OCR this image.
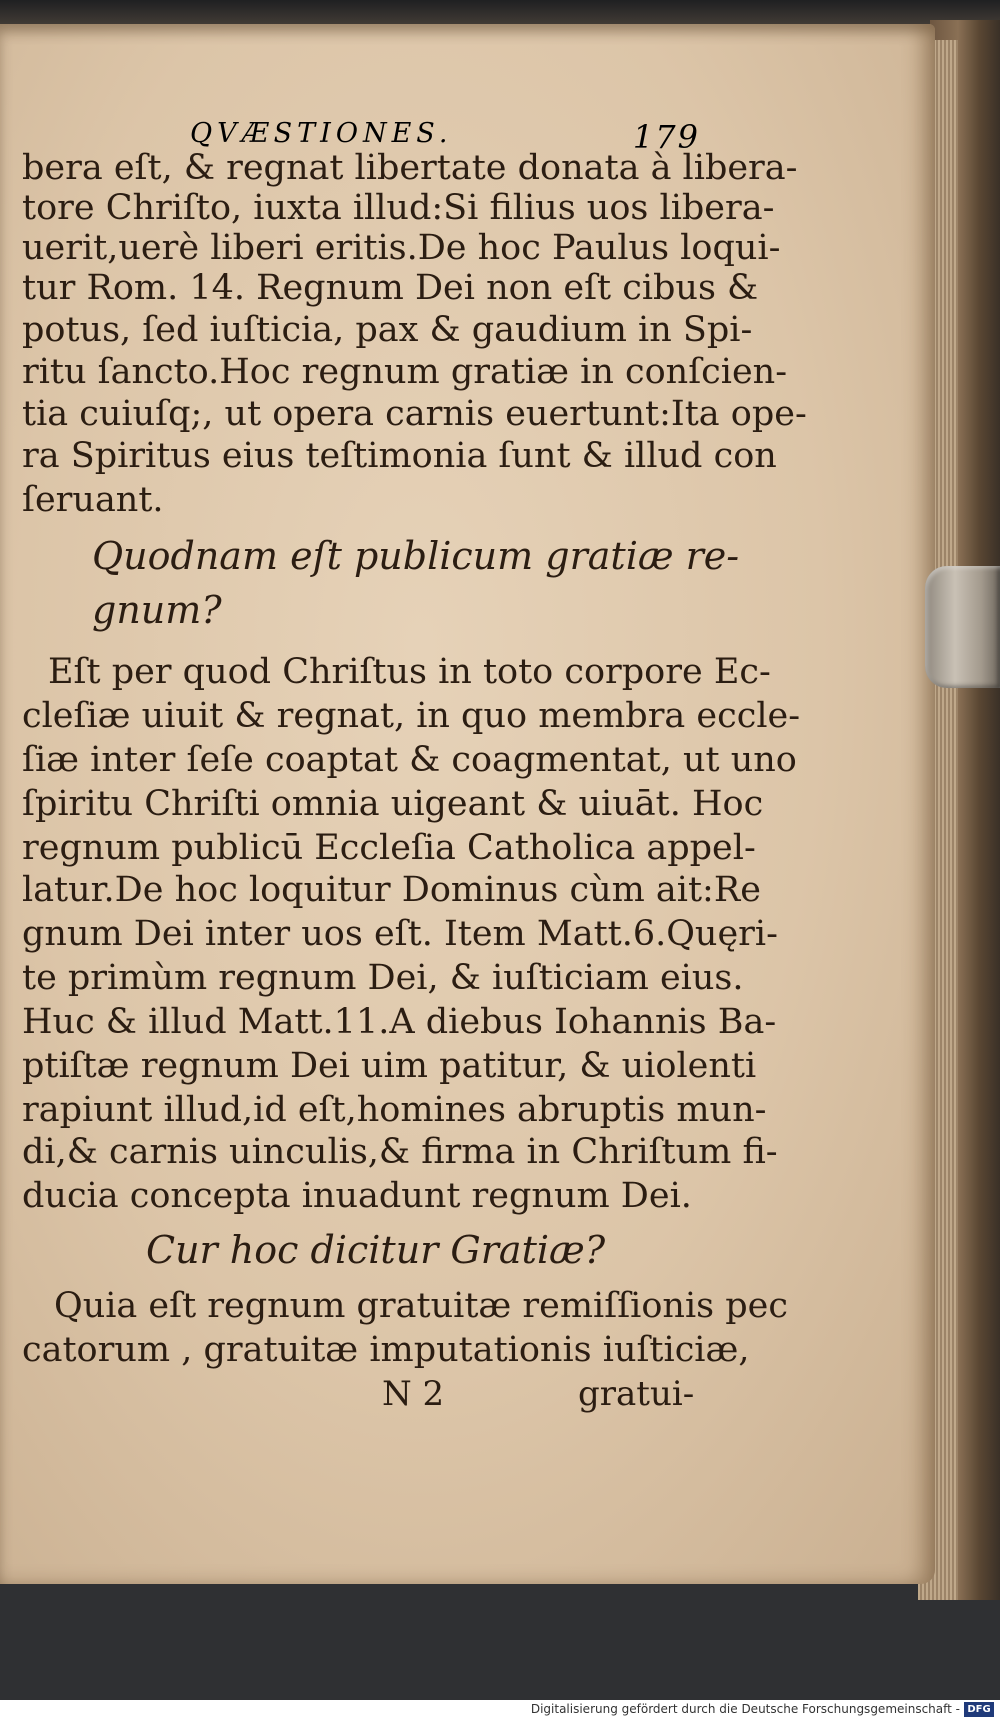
QVÆSTIONES.	179
bera eſt, & regnat libertate donata à libera-
tore Chriſto, iuxta illud:Si filius uos libera-
uerit,uerè liberi eritis.De hoc Paulus loqui-
tur Rom. 14. Regnum Dei non eſt cibus &
potus, ſed iuſticia, pax & gaudium in Spi-
ritu ſancto.Hoc regnum gratiæ in conſcien-
tia cuiuſq;, ut opera carnis euertunt:Ita ope-
ra Spiritus eius teſtimonia ſunt & illud con
ſeruant.
Quodnam eſt publicum gratiæ re-
gnum?
Eſt per quod Chriſtus in toto corpore Ec-
cleſiæ uiuit & regnat, in quo membra eccle-
ſiæ inter ſeſe coaptat & coagmentat, ut uno
ſpiritu Chriſti omnia uigeant & uiuāt. Hoc
regnum publicū Eccleſia Catholica appel-
latur.De hoc loquitur Dominus cùm ait:Re
gnum Dei inter uos eſt. Item Matt.6.Quęri-
te primùm regnum Dei, & iuſticiam eius.
Huc & illud Matt.11.A diebus Iohannis Ba-
ptiſtæ regnum Dei uim patitur, & uiolenti
rapiunt illud,id eſt,homines abruptis mun-
di,& carnis uinculis,& firma in Chriſtum fi-
ducia concepta inuadunt regnum Dei.
Cur hoc dicitur Gratiæ?
Quia eſt regnum gratuitæ remiſſionis pec
catorum , gratuitæ imputationis iuſticiæ,
N 2	gratui-
Digitalisierung gefördert durch die Deutsche Forschungsgemeinschaft - DFG
